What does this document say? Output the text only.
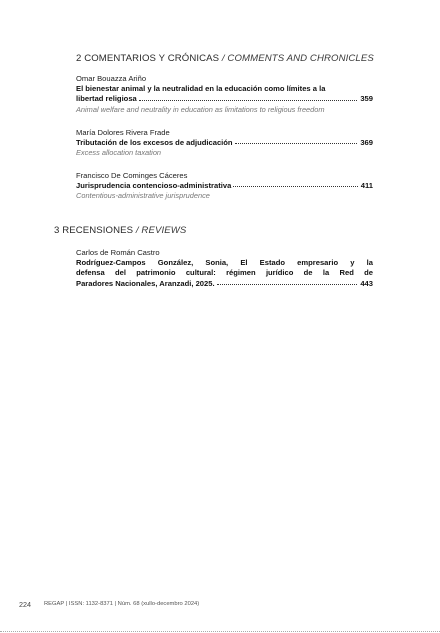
2 COMENTARIOS Y CRÓNICAS / COMMENTS AND CHRONICLES
Omar Bouazza Ariño
El bienestar animal y la neutralidad en la educación como límites a la
libertad religiosa	359
Animal welfare and neutrality in education as limitations to religious freedom
María Dolores Rivera Frade
Tributación de los excesos de adjudicación	369
Excess allocation taxation
Francisco De Cominges Cáceres
Jurisprudencia contencioso-administrativa	411
Contentious-administrative jurisprudence
3 RECENSIONES / REVIEWS
Carlos de Román Castro
Rodríguez-Campos González, Sonia, El Estado empresario y la
defensa del patrimonio cultural: régimen jurídico de la Red de
Paradores Nacionales, Aranzadi, 2025.	443
224 REGAP | ISSN: 1132-8371 | Núm. 68 (xullo-decembro 2024)
